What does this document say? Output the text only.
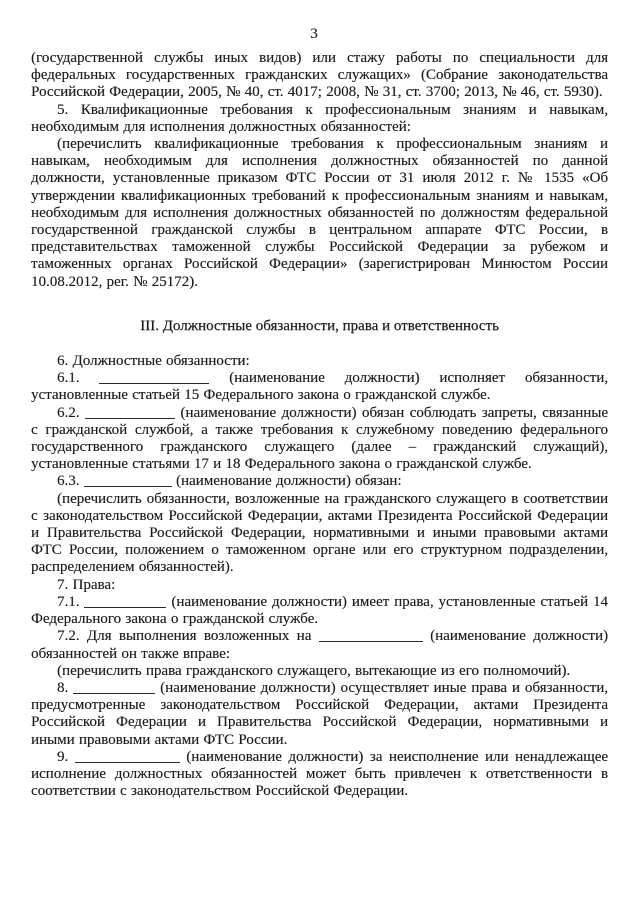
3

(государственной службы иных видов) или стажу работы по специальности для федеральных государственных гражданских служащих» (Собрание законодательства Российской Федерации, 2005, № 40, ст. 4017; 2008, № 31, ст. 3700; 2013, № 46, ст. 5930).

5. Квалификационные требования к профессиональным знаниям и навыкам, необходимым для исполнения должностных обязанностей:

(перечислить квалификационные требования к профессиональным знаниям и навыкам, необходимым для исполнения должностных обязанностей по данной должности, установленные приказом ФТС России от 31 июля 2012 г. № 1535 «Об утверждении квалификационных требований к профессиональным знаниям и навыкам, необходимым для исполнения должностных обязанностей по должностям федеральной государственной гражданской службы в центральном аппарате ФТС России, в представительствах таможенной службы Российской Федерации за рубежом и таможенных органах Российской Федерации» (зарегистрирован Минюстом России 10.08.2012, рег. № 25172).

III. Должностные обязанности, права и ответственность

6. Должностные обязанности:

6.1.	(наименование должности) исполняет обязанности, установленные статьей 15 Федерального закона о гражданской службе.

6.2.	(наименование должности) обязан соблюдать запреты, связанные с гражданской службой, а также требования к служебному поведению федерального государственного гражданского служащего (далее – гражданский служащий), установленные статьями 17 и 18 Федерального закона о гражданской службе.

6.3.	(наименование должности) обязан:

(перечислить обязанности, возложенные на гражданского служащего в соответствии с законодательством Российской Федерации, актами Президента Российской Федерации и Правительства Российской Федерации, нормативными и иными правовыми актами ФТС России, положением о таможенном органе или его структурном подразделении, распределением обязанностей).

7. Права:

7.1.	(наименование должности) имеет права, установленные статьей 14 Федерального закона о гражданской службе.

7.2. Для выполнения возложенных на	(наименование должности) обязанностей он также вправе:

(перечислить права гражданского служащего, вытекающие из его полномочий).

8.	(наименование должности) осуществляет иные права и обязанности, предусмотренные законодательством Российской Федерации, актами Президента Российской Федерации и Правительства Российской Федерации, нормативными и иными правовыми актами ФТС России.

9.	(наименование должности) за неисполнение или ненадлежащее исполнение должностных обязанностей может быть привлечен к ответственности в соответствии с законодательством Российской Федерации.
